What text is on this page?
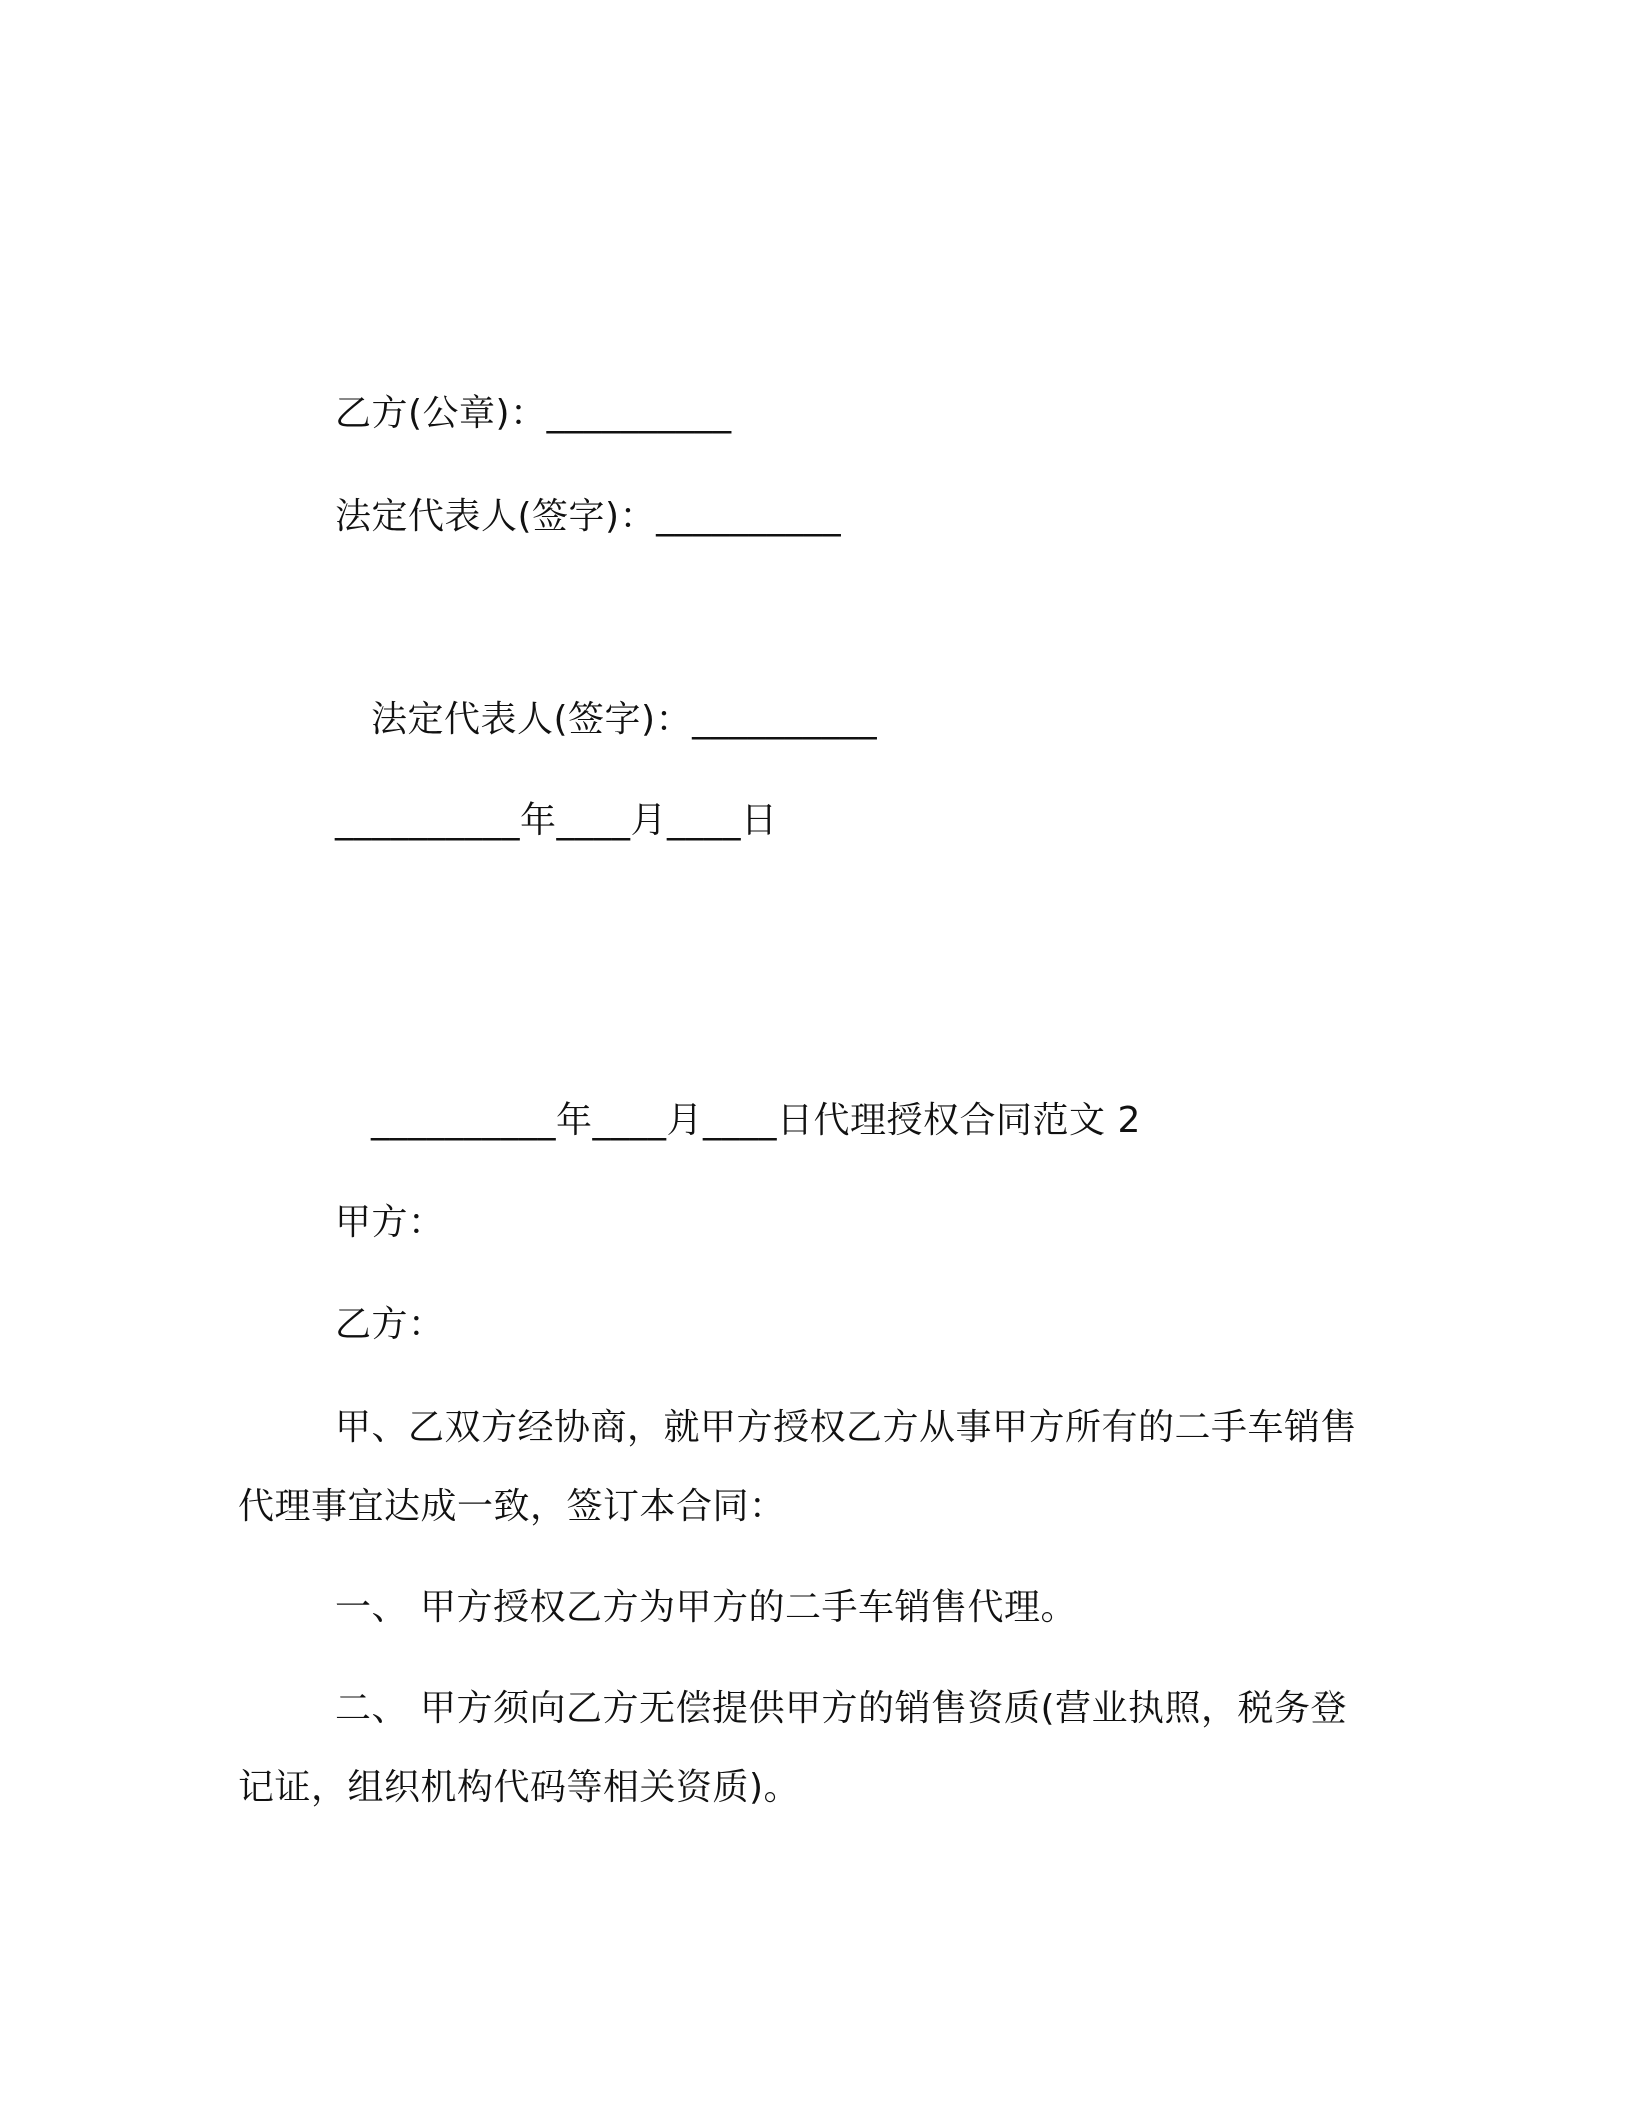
乙方(公章)：__________
法定代表人(签字)：__________
法定代表人(签字)：__________
__________年____月____日
__________年____月____日代理授权合同范文 2
甲方：
乙方：
甲、乙双方经协商，就甲方授权乙方从事甲方所有的二手车销售
代理事宜达成一致，签订本合同：
一、 甲方授权乙方为甲方的二手车销售代理。
二、 甲方须向乙方无偿提供甲方的销售资质(营业执照，税务登
记证，组织机构代码等相关资质)。
